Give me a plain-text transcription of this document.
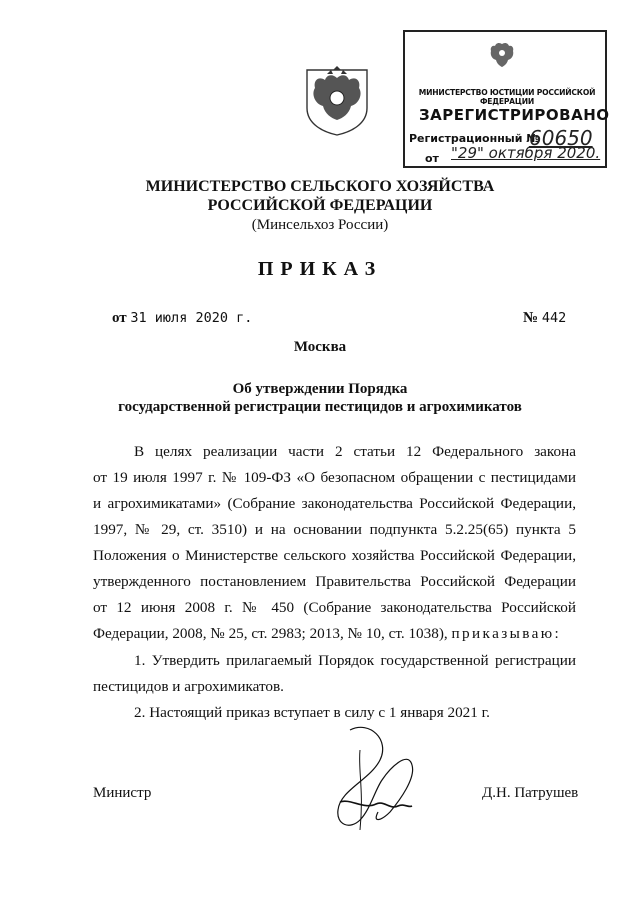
МИНИСТЕРСТВО ЮСТИЦИИ РОССИЙСКОЙ ФЕДЕРАЦИИ
ЗАРЕГИСТРИРОВАНО
Регистрационный №
60650
от "29" октября 2020.
МИНИСТЕРСТВО СЕЛЬСКОГО ХОЗЯЙСТВА
РОССИЙСКОЙ ФЕДЕРАЦИИ
(Минсельхоз России)
ПРИКАЗ
от 31 июля 2020 г.	№ 442
Москва
Об утверждении Порядка
государственной регистрации пестицидов и агрохимикатов
В целях реализации части 2 статьи 12 Федерального закона
от 19 июля 1997 г. № 109-ФЗ «О безопасном обращении с пестицидами
и агрохимикатами» (Собрание законодательства Российской Федерации,
1997, № 29, ст. 3510) и на основании подпункта 5.2.25(65) пункта 5
Положения о Министерстве сельского хозяйства Российской Федерации,
утвержденного постановлением Правительства Российской Федерации
от 12 июня 2008 г. № 450 (Собрание законодательства Российской
Федерации, 2008, № 25, ст. 2983; 2013, № 10, ст. 1038), приказываю:
1. Утвердить прилагаемый Порядок государственной регистрации
пестицидов и агрохимикатов.
2. Настоящий приказ вступает в силу с 1 января 2021 г.
Министр	Д.Н. Патрушев
